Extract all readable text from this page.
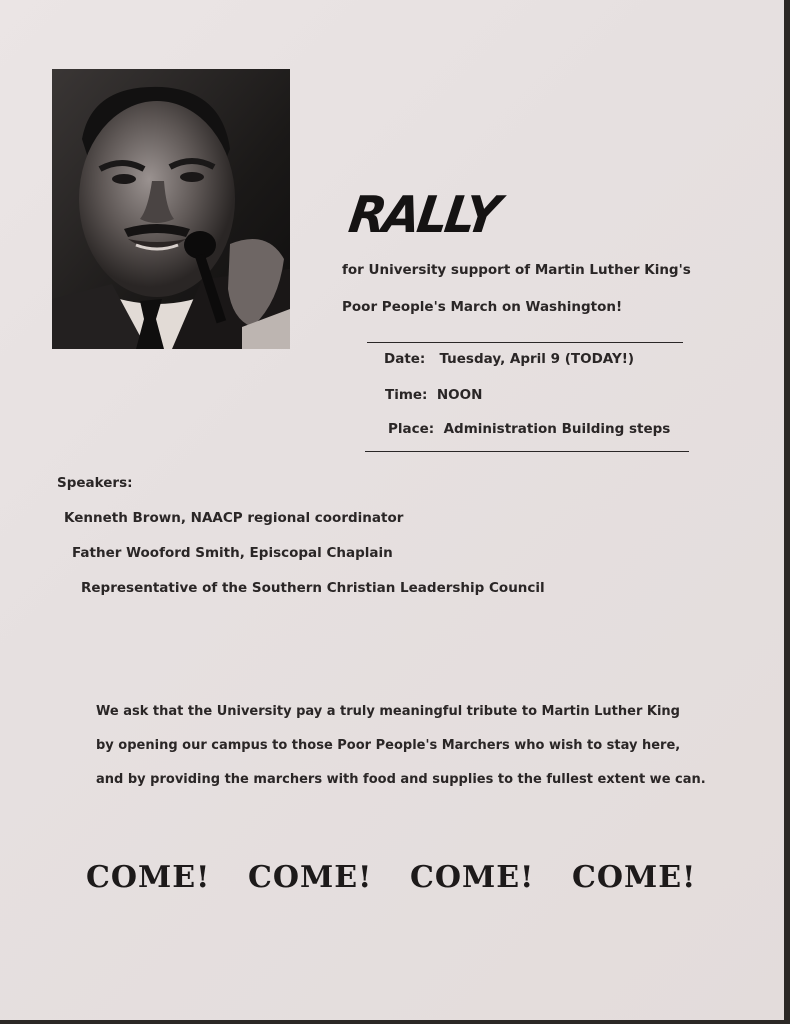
RALLY
for University support of Martin Luther King's
Poor People's March on Washington!
Date: Tuesday, April 9 (TODAY!)
Time: NOON
Place: Administration Building steps
Speakers:
Kenneth Brown, NAACP regional coordinator
Father Wooford Smith, Episcopal Chaplain
Representative of the Southern Christian Leadership Council
We ask that the University pay a truly meaningful tribute to Martin Luther King
by opening our campus to those Poor People's Marchers who wish to stay here,
and by providing the marchers with food and supplies to the fullest extent we can.
COME! COME! COME! COME!
